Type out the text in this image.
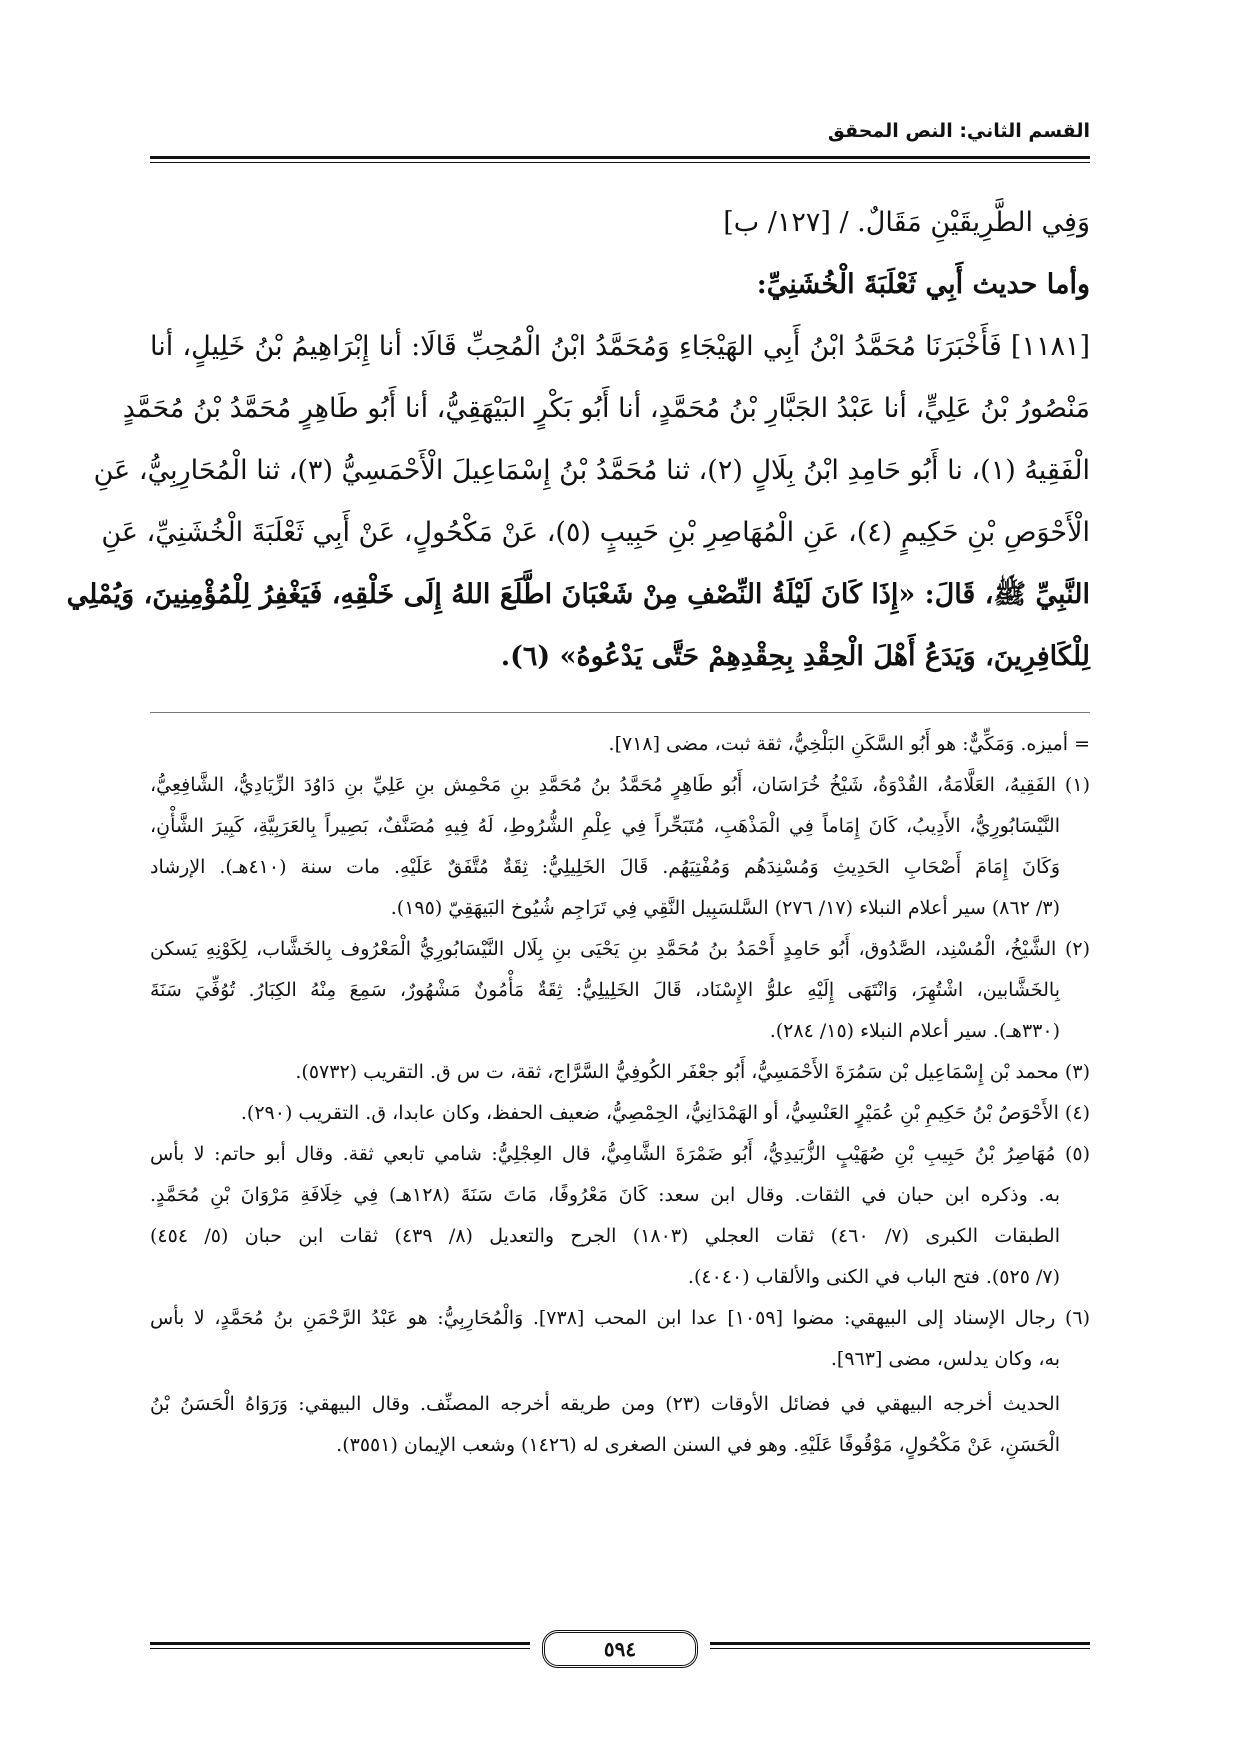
القسم الثاني: النص المحقق
وَفِي الطَّرِيقَيْنِ مَقَالٌ. / [١٢٧/ ب]
وأما حديث أَبِي ثَعْلَبَةَ الْخُشَنِيِّ:
[١١٨١] فَأَخْبَرَنَا مُحَمَّدُ ابْنُ أَبِي الهَيْجَاءِ وَمُحَمَّدُ ابْنُ الْمُحِبِّ قَالَا: أنا إِبْرَاهِيمُ بْنُ خَلِيلٍ، أنا
مَنْصُورُ بْنُ عَلِيٍّ، أنا عَبْدُ الجَبَّارِ بْنُ مُحَمَّدٍ، أنا أَبُو بَكْرٍ البَيْهَقِيُّ، أنا أَبُو طَاهِرٍ مُحَمَّدُ بْنُ مُحَمَّدٍ
الْفَقِيهُ (١)، نا أَبُو حَامِدِ ابْنُ بِلَالٍ (٢)، ثنا مُحَمَّدُ بْنُ إِسْمَاعِيلَ الْأَحْمَسِيُّ (٣)، ثنا الْمُحَارِبِيُّ، عَنِ
الْأَحْوَصِ بْنِ حَكِيمٍ (٤)، عَنِ الْمُهَاصِرِ بْنِ حَبِيبٍ (٥)، عَنْ مَكْحُولٍ، عَنْ أَبِي ثَعْلَبَةَ الْخُشَنِيِّ، عَنِ
النَّبِيِّ ﷺ، قَالَ: «إِذَا كَانَ لَيْلَةُ النِّصْفِ مِنْ شَعْبَانَ اطَّلَعَ اللهُ إِلَى خَلْقِهِ، فَيَغْفِرُ لِلْمُؤْمِنِينَ، وَيُمْلِي
لِلْكَافِرِينَ، وَيَدَعُ أَهْلَ الْحِقْدِ بِحِقْدِهِمْ حَتَّى يَدْعُوهُ» (٦).
= أميزه. وَمَكِّيٌّ: هو أَبُو السَّكَنِ البَلْخِيُّ، ثقة ثبت، مضى [٧١٨].
(١) الفَقِيهُ، العَلَّامَةُ، القُدْوَةُ، شَيْخُ خُرَاسَان، أَبُو طَاهِرٍ مُحَمَّدُ بنُ مُحَمَّدِ بنِ مَحْمِش بنِ عَلِيِّ بنِ دَاوُدَ الزِّيَادِيُّ، الشَّافِعِيُّ،
النَّيْسَابُورِيُّ، الأَدِيبُ، كَانَ إِمَاماً فِي الْمَذْهَبِ، مُتَبَحِّراً فِي عِلْمِ الشُّرُوطِ، لَهُ فِيهِ مُصَنَّفٌ، بَصِيراً بِالعَرَبِيَّةِ، كَبِيرَ الشَّأْنِ،
وَكَانَ إِمَامَ أَصْحَابِ الحَدِيثِ وَمُسْنِدَهُم وَمُفْتِيَهُم. قَالَ الخَلِيلِيُّ: ثِقَةٌ مُتَّفَقٌ عَلَيْهِ. مات سنة (٤١٠هـ). الإرشاد
(٣/ ٨٦٢) سير أعلام النبلاء (١٧/ ٢٧٦) السَّلسَبِيل النَّقِي فِي تَرَاجِم شُيُوخ البَيهَقِيّ (١٩٥).
(٢) الشَّيْخُ، الْمُسْنِد، الصَّدُوق، أَبُو حَامِدٍ أَحْمَدُ بنُ مُحَمَّدِ بنِ يَحْيَى بنِ بِلَال النَّيْسَابُورِيُّ الْمَعْرُوف بِالخَشَّاب، لِكَوْنِهِ يَسكن
بِالخَشَّابين، اشْتُهِرَ، وَانْتَهَى إِلَيْهِ علوُّ الإِسْنَاد، قَالَ الخَلِيلِيُّ: ثِقَةٌ مَأْمُونٌ مَشْهُورٌ، سَمِعَ مِنْهُ الكِبَارُ. تُوُفِّيَ سَنَةَ
(٣٣٠هـ). سير أعلام النبلاء (١٥/ ٢٨٤).
(٣) محمد بْن إِسْمَاعِيل بْن سَمُرَةَ الأَحْمَسِيُّ، أَبُو جعْفَر الكُوفِيُّ السَّرَّاج، ثقة، ت س ق. التقريب (٥٧٣٢).
(٤) الأَحْوَصُ بْنُ حَكِيمِ بْنِ عُمَيْرٍ العَنْسِيُّ، أو الهَمْدَانِيُّ، الحِمْصِيُّ، ضعيف الحفظ، وكان عابدا، ق. التقريب (٢٩٠).
(٥) مُهَاصِرُ بْنُ حَبِيبِ بْنِ صُهَيْبٍ الزُّبَيدِيُّ، أَبُو ضَمْرَةَ الشَّامِيُّ، قال العِجْلِيُّ: شامي تابعي ثقة. وقال أبو حاتم: لا بأس
به. وذكره ابن حبان في الثقات. وقال ابن سعد: كَانَ مَعْرُوفًا، مَاتَ سَنَةَ (١٢٨هـ) فِي خِلَافَةِ مَرْوَانَ بْنِ مُحَمَّدٍ.
الطبقات الكبرى (٧/ ٤٦٠) ثقات العجلي (١٨٠٣) الجرح والتعديل (٨/ ٤٣٩) ثقات ابن حبان (٥/ ٤٥٤)
(٧/ ٥٢٥). فتح الباب في الكنى والألقاب (٤٠٤٠).
(٦) رجال الإسناد إلى البيهقي: مضوا [١٠٥٩] عدا ابن المحب [٧٣٨]. وَالْمُحَارِبِيُّ: هو عَبْدُ الرَّحْمَنِ بنُ مُحَمَّدٍ، لا بأس
به، وكان يدلس، مضى [٩٦٣].
الحديث أخرجه البيهقي في فضائل الأوقات (٢٣) ومن طريقه أخرجه المصنِّف. وقال البيهقي: وَرَوَاهُ الْحَسَنُ بْنُ
الْحَسَنِ، عَنْ مَكْحُولٍ، مَوْقُوفًا عَلَيْهِ. وهو في السنن الصغرى له (١٤٢٦) وشعب الإيمان (٣٥٥١).
٥٩٤
